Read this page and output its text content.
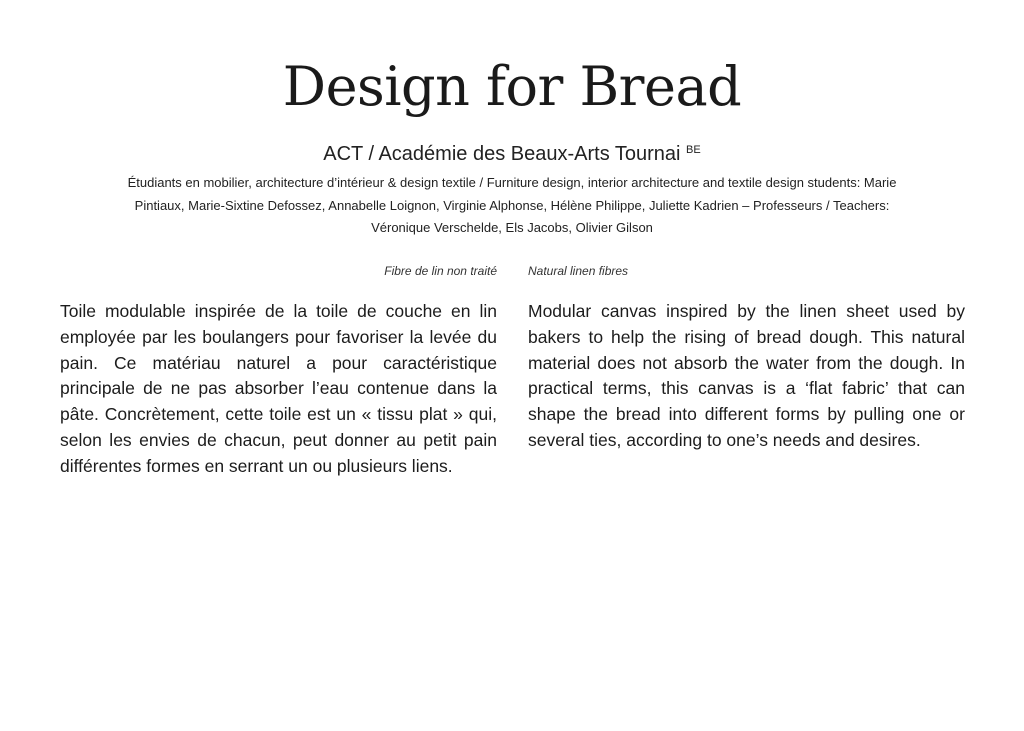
Design for Bread
ACT / Académie des Beaux-Arts Tournai $^{BE}$
Étudiants en mobilier, architecture d’intérieur & design textile / Furniture design, interior architecture and textile design students: Marie Pintiaux, Marie-Sixtine Defossez, Annabelle Loignon, Virginie Alphonse, Hélène Philippe, Juliette Kadrien – Professeurs / Teachers: Véronique Verschelde, Els Jacobs, Olivier Gilson
Fibre de lin non traité	Natural linen fibres
Toile modulable inspirée de la toile de couche en lin employée par les boulangers pour favoriser la levée du pain. Ce matériau naturel a pour caractéristique principale de ne pas absorber l’eau contenue dans la pâte. Concrètement, cette toile est un « tissu plat » qui, selon les envies de chacun, peut donner au petit pain différentes formes en serrant un ou plusieurs liens.
Modular canvas inspired by the linen sheet used by bakers to help the rising of bread dough. This natural material does not absorb the water from the dough. In practical terms, this canvas is a ‘flat fabric’ that can shape the bread into different forms by pulling one or several ties, according to one’s needs and desires.
